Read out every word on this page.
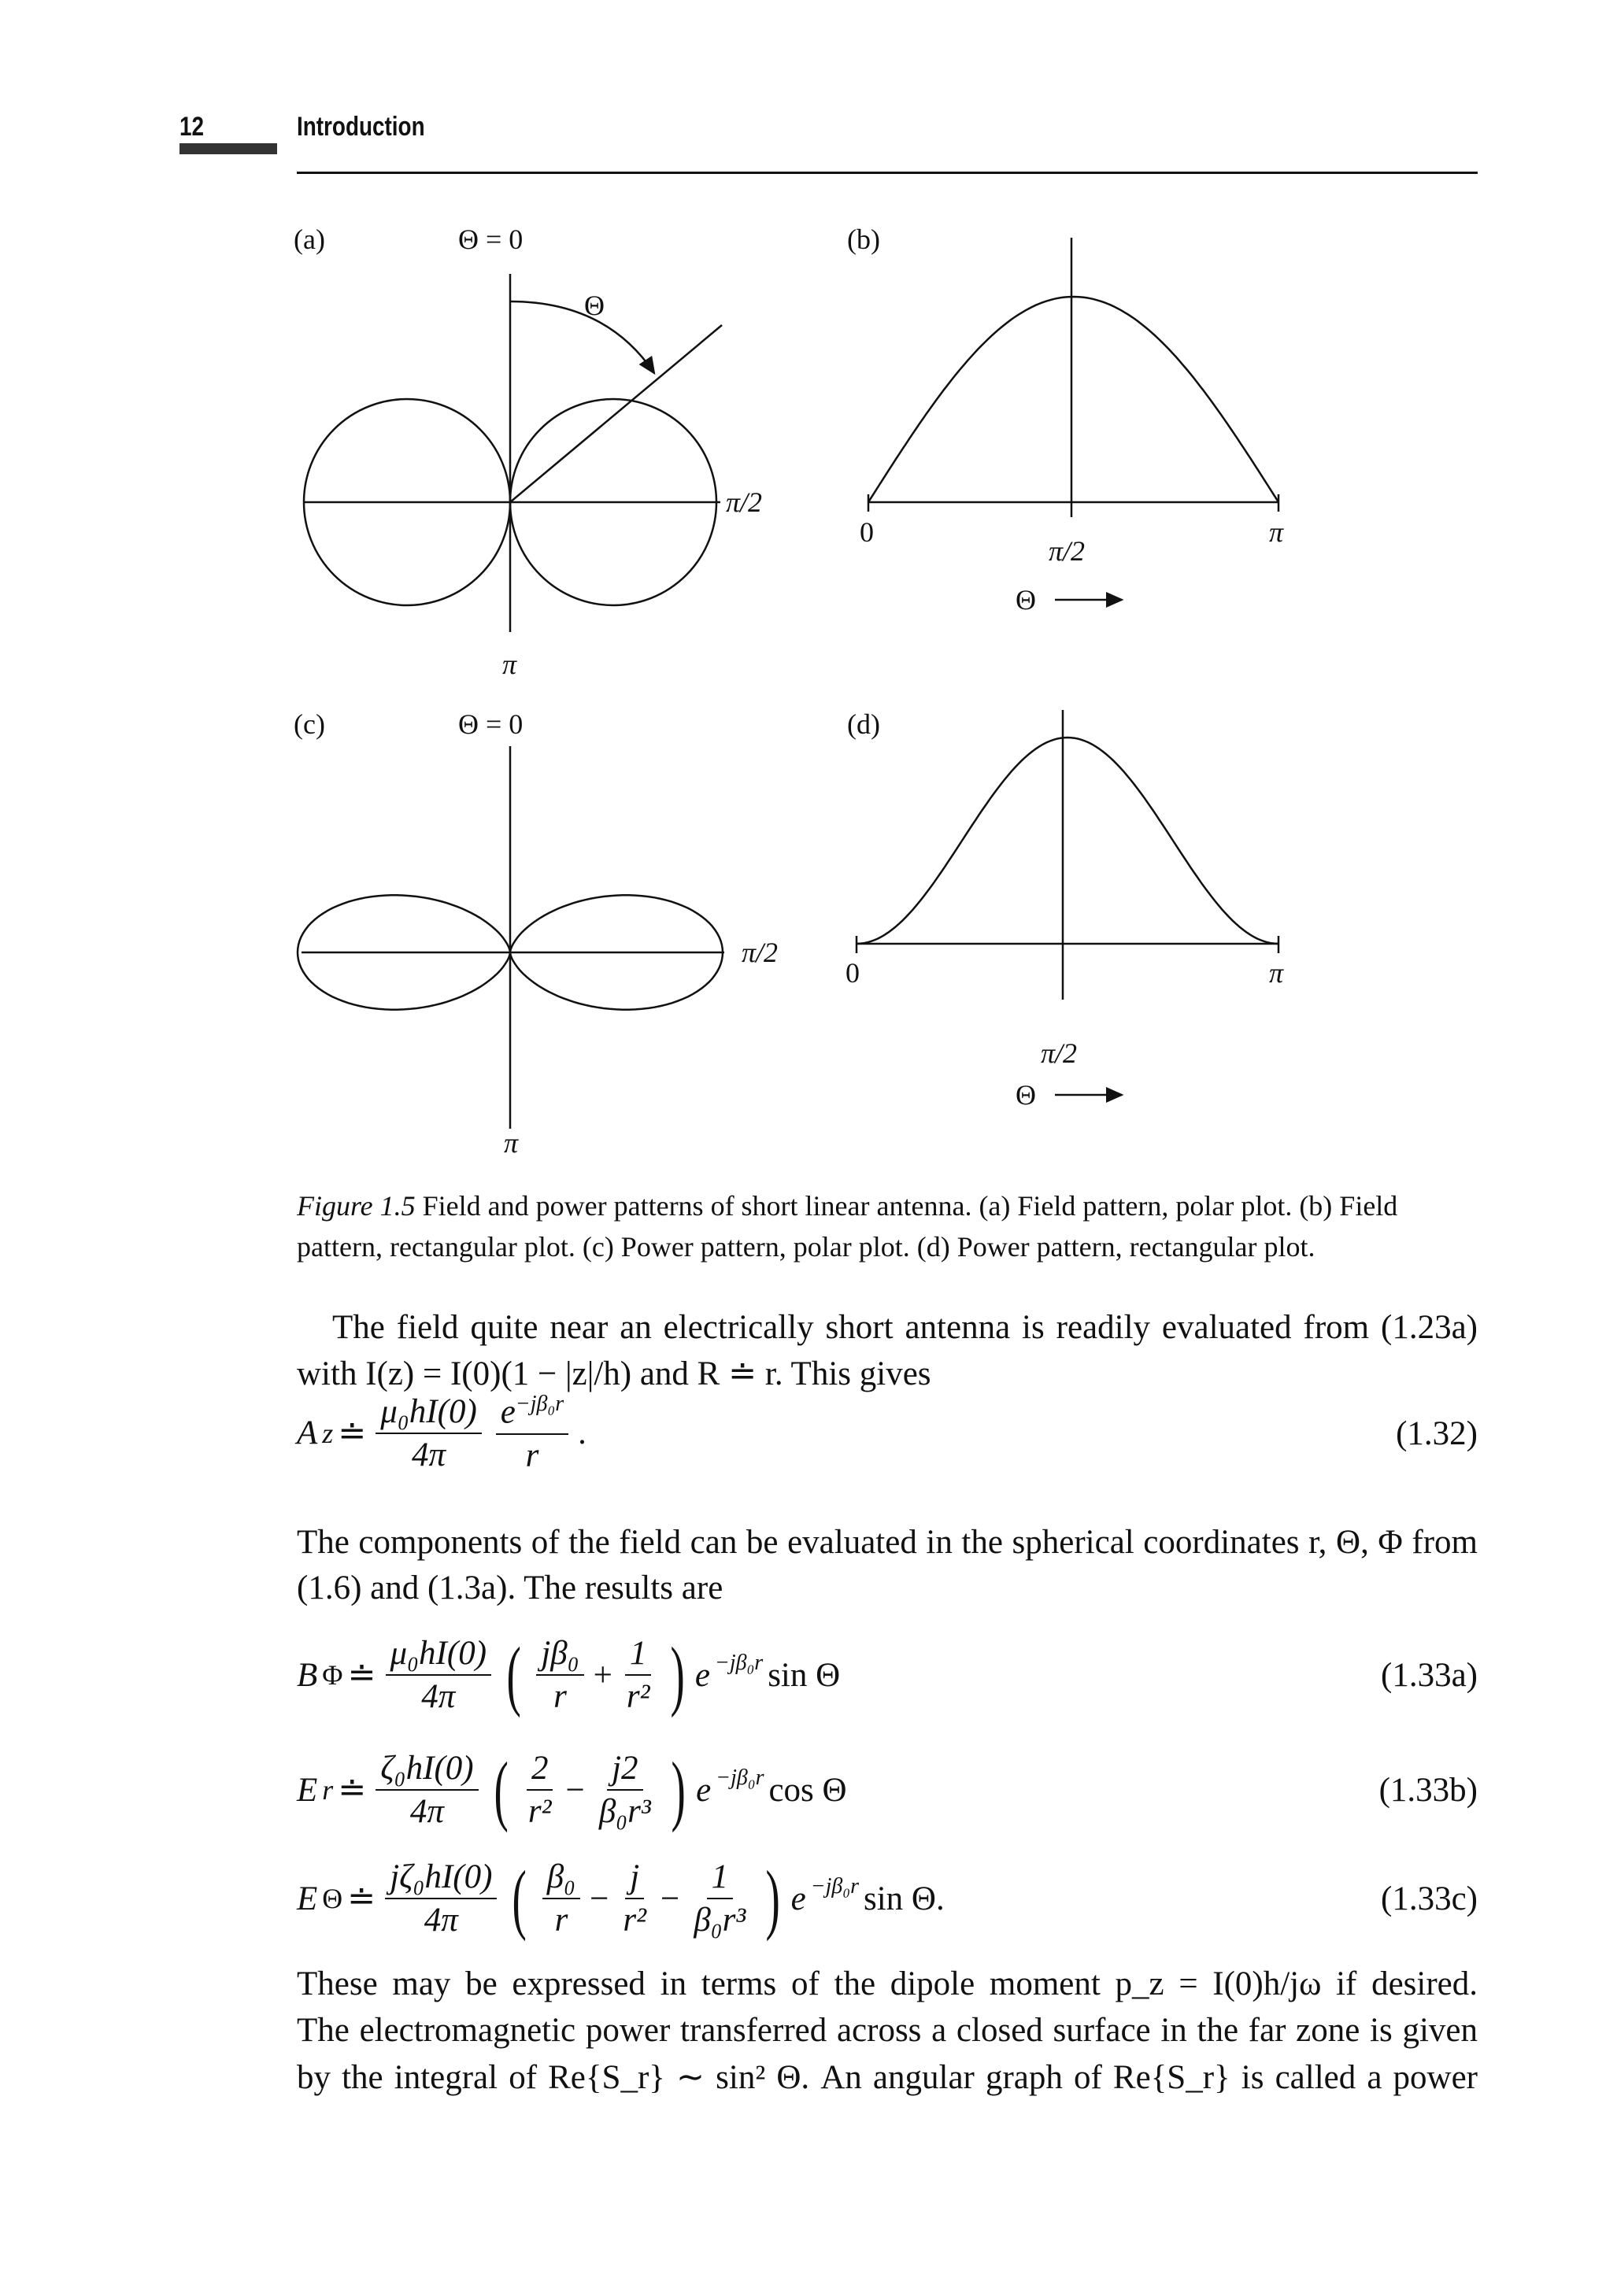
12	Introduction
(a)	Θ = 0
Θ
π/2
π
(b)
0
π/2
π
Θ
(c)	Θ = 0
π/2
π
(d)
0
π/2
π
Θ
Figure 1.5 Field and power patterns of short linear antenna. (a) Field pattern, polar plot. (b) Field
pattern, rectangular plot. (c) Power pattern, polar plot. (d) Power pattern, rectangular plot.
The field quite near an electrically short antenna is readily evaluated from (1.23a)
with I(z) = I(0)(1 − |z|/h) and R ≐ r. This gives
A z ≐ $\frac{\text{μ₀hI(0)}}{4\pi} \frac{e^{-j\beta_0r}}{r}$ .	(1.32)
The components of the field can be evaluated in the spherical coordinates r, Θ, Φ from
(1.6) and (1.3a). The results are
B Φ ≐ $\frac{\text{μ₀hI(0)}}{4\pi}$ ( $\frac{\text{jβ₀}}{r} + \frac{1}{\text{r²}}$ ) $e^{-j\beta_0r}$ sin Θ	(1.33a)
E r ≐ $\frac{\text{ζ₀hI(0)}}{4\pi}$ ( $\frac{2}{\text{r²}} - \frac{j2}{\text{β₀r³}}$ ) $e^{-j\beta_0r}$ cos Θ	(1.33b)
E Θ ≐ $\frac{\text{jζ₀hI(0)}}{4\pi}$ ( $\frac{\text{β₀}}{r} - \frac{j}{\text{r²}} - \frac{1}{\text{β₀r³}}$ ) $e^{-j\beta_0r}$ sin Θ.	(1.33c)
These may be expressed in terms of the dipole moment p_z = I(0)h/jω if desired.
The electromagnetic power transferred across a closed surface in the far zone is given
by the integral of Re{S_r} ∼ sin² Θ. An angular graph of Re{S_r} is called a power
